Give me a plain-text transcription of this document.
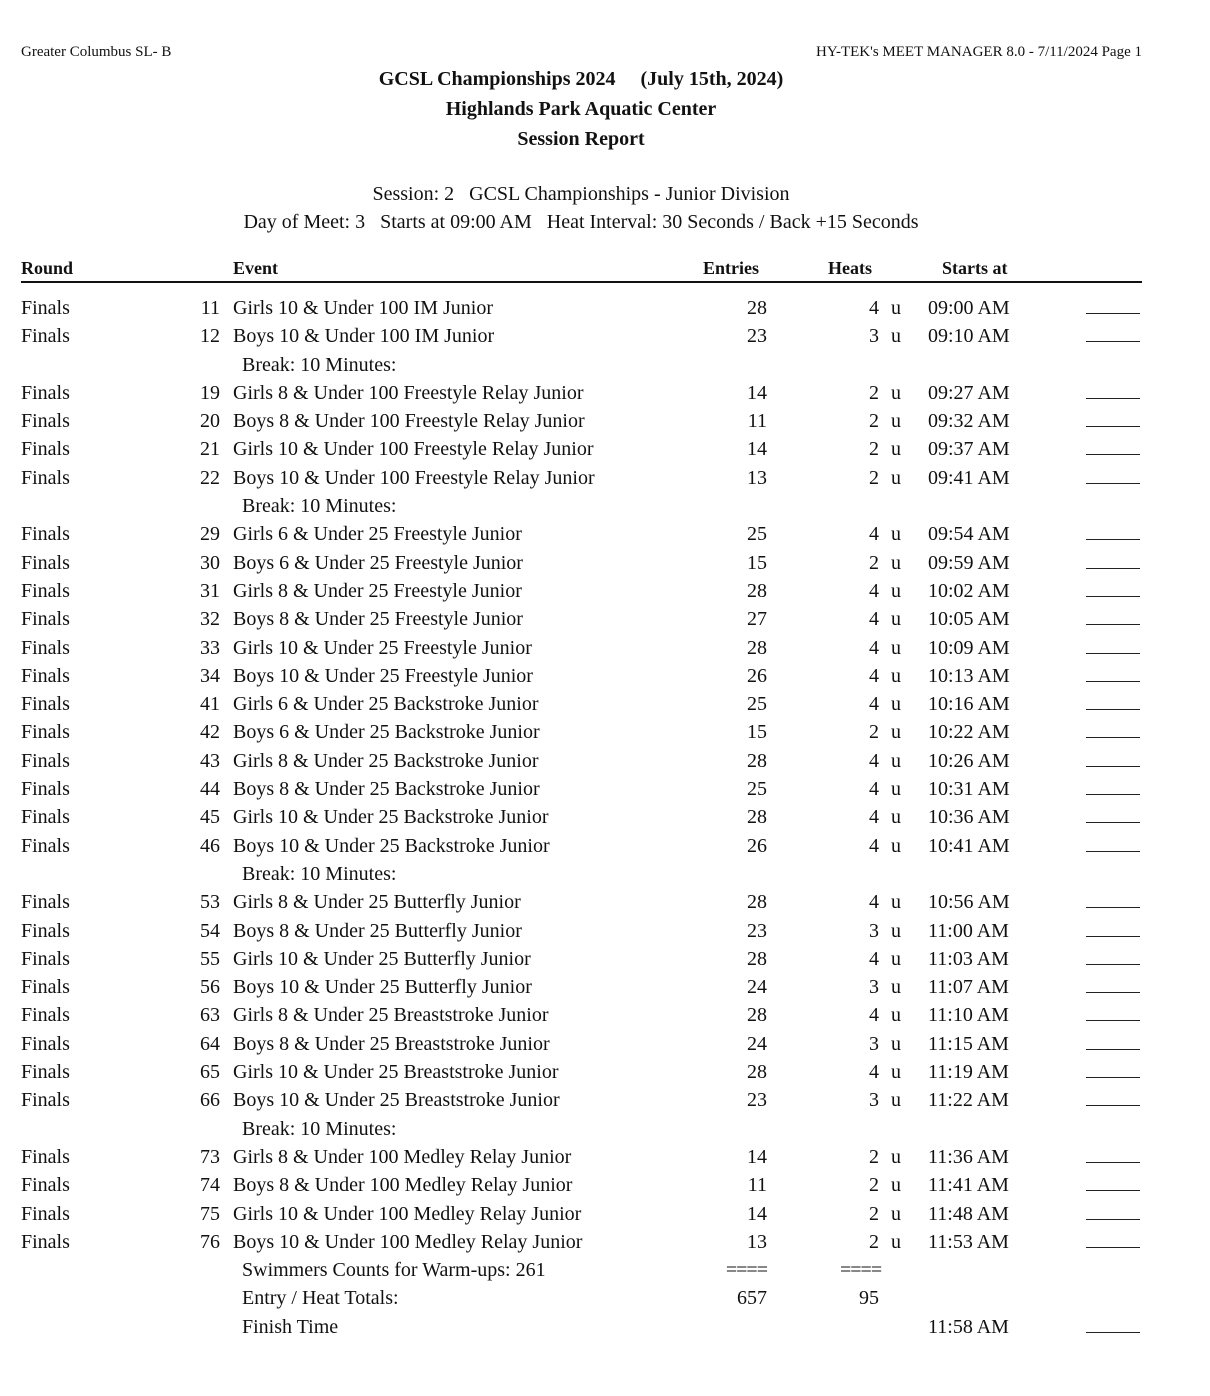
Greater Columbus SL- B	HY-TEK's MEET MANAGER 8.0 - 7/11/2024 Page 1
GCSL Championships 2024     (July 15th, 2024)
Highlands Park Aquatic Center
Session Report
Session: 2   GCSL Championships - Junior Division
Day of Meet: 3   Starts at 09:00 AM   Heat Interval: 30 Seconds / Back +15 Seconds
Round	Event	Entries	Heats	Starts at
Finals	11 Girls 10 & Under 100 IM Junior	28	4 u 09:00 AM
Finals	12 Boys 10 & Under 100 IM Junior	23	3 u 09:10 AM
Break: 10 Minutes:
Finals	19 Girls 8 & Under 100 Freestyle Relay Junior	14	2 u 09:27 AM
Finals	20 Boys 8 & Under 100 Freestyle Relay Junior	11	2 u 09:32 AM
Finals	21 Girls 10 & Under 100 Freestyle Relay Junior	14	2 u 09:37 AM
Finals	22 Boys 10 & Under 100 Freestyle Relay Junior	13	2 u 09:41 AM
Break: 10 Minutes:
Finals	29 Girls 6 & Under 25 Freestyle Junior	25	4 u 09:54 AM
Finals	30 Boys 6 & Under 25 Freestyle Junior	15	2 u 09:59 AM
Finals	31 Girls 8 & Under 25 Freestyle Junior	28	4 u 10:02 AM
Finals	32 Boys 8 & Under 25 Freestyle Junior	27	4 u 10:05 AM
Finals	33 Girls 10 & Under 25 Freestyle Junior	28	4 u 10:09 AM
Finals	34 Boys 10 & Under 25 Freestyle Junior	26	4 u 10:13 AM
Finals	41 Girls 6 & Under 25 Backstroke Junior	25	4 u 10:16 AM
Finals	42 Boys 6 & Under 25 Backstroke Junior	15	2 u 10:22 AM
Finals	43 Girls 8 & Under 25 Backstroke Junior	28	4 u 10:26 AM
Finals	44 Boys 8 & Under 25 Backstroke Junior	25	4 u 10:31 AM
Finals	45 Girls 10 & Under 25 Backstroke Junior	28	4 u 10:36 AM
Finals	46 Boys 10 & Under 25 Backstroke Junior	26	4 u 10:41 AM
Break: 10 Minutes:
Finals	53 Girls 8 & Under 25 Butterfly Junior	28	4 u 10:56 AM
Finals	54 Boys 8 & Under 25 Butterfly Junior	23	3 u 11:00 AM
Finals	55 Girls 10 & Under 25 Butterfly Junior	28	4 u 11:03 AM
Finals	56 Boys 10 & Under 25 Butterfly Junior	24	3 u 11:07 AM
Finals	63 Girls 8 & Under 25 Breaststroke Junior	28	4 u 11:10 AM
Finals	64 Boys 8 & Under 25 Breaststroke Junior	24	3 u 11:15 AM
Finals	65 Girls 10 & Under 25 Breaststroke Junior	28	4 u 11:19 AM
Finals	66 Boys 10 & Under 25 Breaststroke Junior	23	3 u 11:22 AM
Break: 10 Minutes:
Finals	73 Girls 8 & Under 100 Medley Relay Junior	14	2 u 11:36 AM
Finals	74 Boys 8 & Under 100 Medley Relay Junior	11	2 u 11:41 AM
Finals	75 Girls 10 & Under 100 Medley Relay Junior	14	2 u 11:48 AM
Finals	76 Boys 10 & Under 100 Medley Relay Junior	13	2 u 11:53 AM
Swimmers Counts for Warm-ups: 261	====	====
Entry / Heat Totals:	657	95
Finish Time	11:58 AM
